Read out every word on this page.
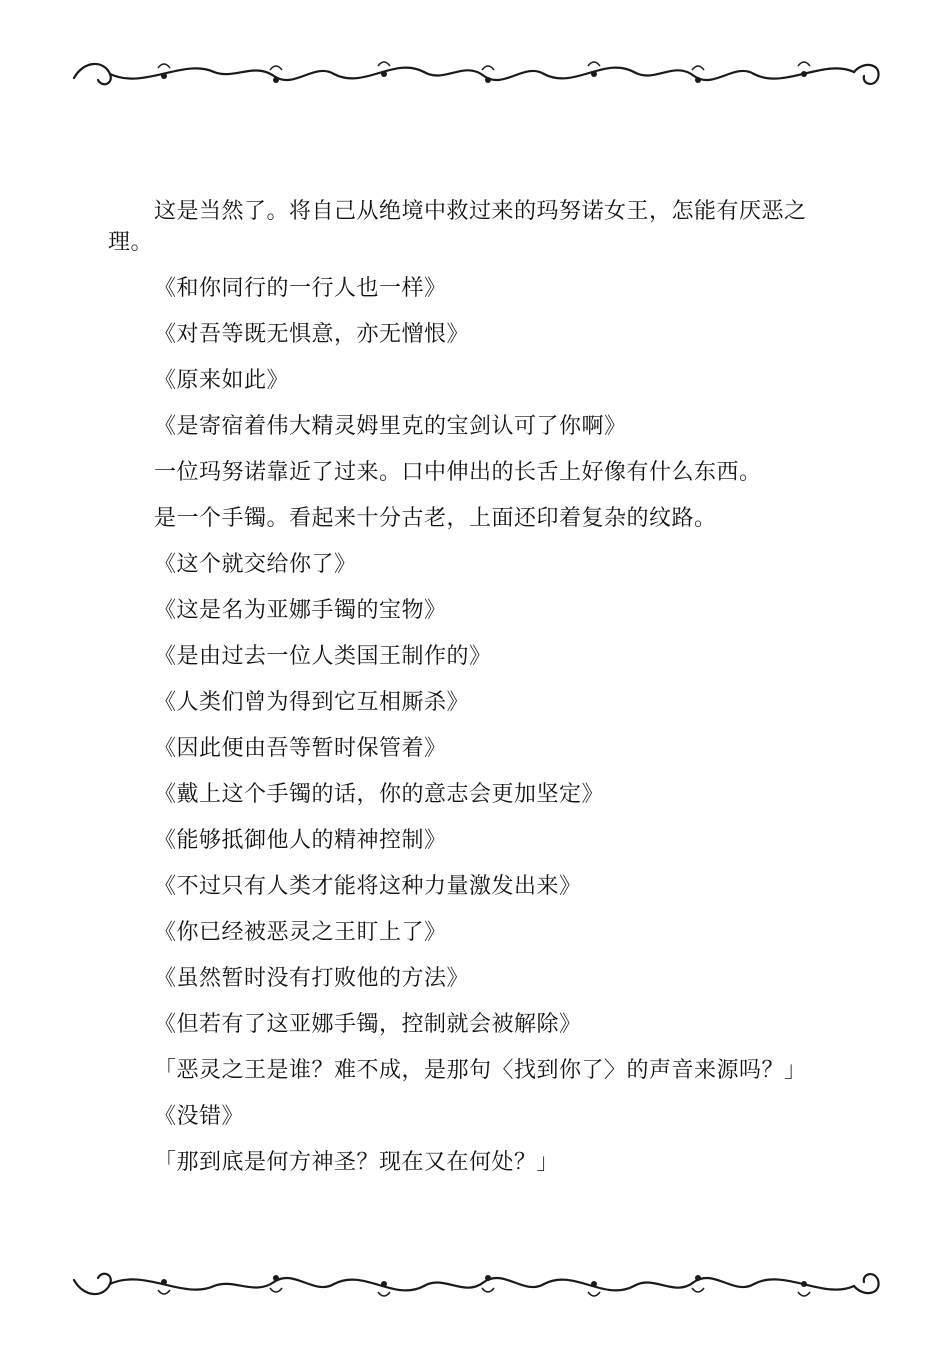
这是当然了。将自己从绝境中救过来的玛努诺女王，怎能有厌恶之理。

《和你同行的一行人也一样》

《对吾等既无惧意，亦无憎恨》

《原来如此》

《是寄宿着伟大精灵姆里克的宝剑认可了你啊》

一位玛努诺靠近了过来。口中伸出的长舌上好像有什么东西。

是一个手镯。看起来十分古老，上面还印着复杂的纹路。

《这个就交给你了》

《这是名为亚娜手镯的宝物》

《是由过去一位人类国王制作的》

《人类们曾为得到它互相厮杀》

《因此便由吾等暂时保管着》

《戴上这个手镯的话，你的意志会更加坚定》

《能够抵御他人的精神控制》

《不过只有人类才能将这种力量激发出来》

《你已经被恶灵之王盯上了》

《虽然暂时没有打败他的方法》

《但若有了这亚娜手镯，控制就会被解除》

「恶灵之王是谁？难不成，是那句〈找到你了〉的声音来源吗？」

《没错》

「那到底是何方神圣？现在又在何处？」
